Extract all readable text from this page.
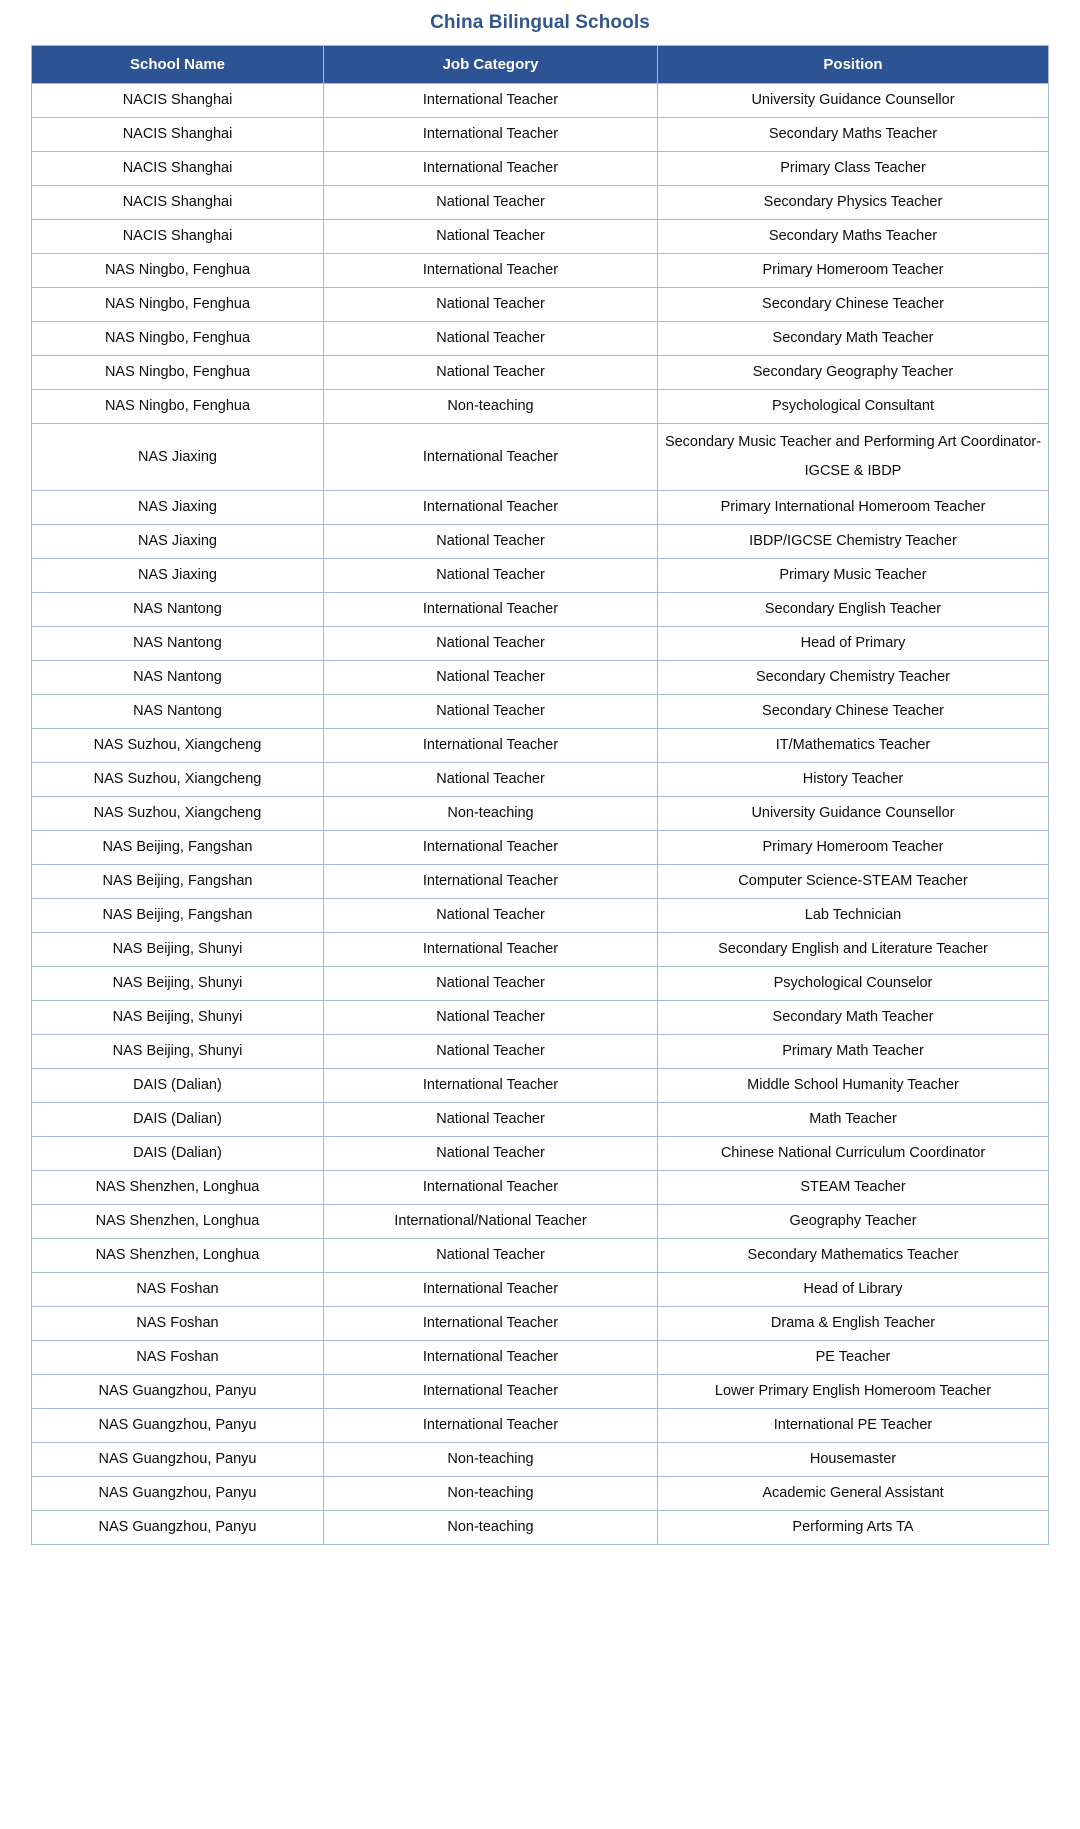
China Bilingual Schools
School Name	Job Category	Position
NACIS Shanghai	International Teacher	University Guidance Counsellor
NACIS Shanghai	International Teacher	Secondary Maths Teacher
NACIS Shanghai	International Teacher	Primary Class Teacher
NACIS Shanghai	National Teacher	Secondary Physics Teacher
NACIS Shanghai	National Teacher	Secondary Maths Teacher
NAS Ningbo, Fenghua	International Teacher	Primary Homeroom Teacher
NAS Ningbo, Fenghua	National Teacher	Secondary Chinese Teacher
NAS Ningbo, Fenghua	National Teacher	Secondary Math Teacher
NAS Ningbo, Fenghua	National Teacher	Secondary Geography Teacher
NAS Ningbo, Fenghua	Non-teaching	Psychological Consultant
NAS Jiaxing	International Teacher	Secondary Music Teacher and Performing Art Coordinator- IGCSE & IBDP
NAS Jiaxing	International Teacher	Primary International Homeroom Teacher
NAS Jiaxing	National Teacher	IBDP/IGCSE Chemistry Teacher
NAS Jiaxing	National Teacher	Primary Music Teacher
NAS Nantong	International Teacher	Secondary English Teacher
NAS Nantong	National Teacher	Head of Primary
NAS Nantong	National Teacher	Secondary Chemistry Teacher
NAS Nantong	National Teacher	Secondary Chinese Teacher
NAS Suzhou, Xiangcheng	International Teacher	IT/Mathematics Teacher
NAS Suzhou, Xiangcheng	National Teacher	History Teacher
NAS Suzhou, Xiangcheng	Non-teaching	University Guidance Counsellor
NAS Beijing, Fangshan	International Teacher	Primary Homeroom Teacher
NAS Beijing, Fangshan	International Teacher	Computer Science-STEAM Teacher
NAS Beijing, Fangshan	National Teacher	Lab Technician
NAS Beijing, Shunyi	International Teacher	Secondary English and Literature Teacher
NAS Beijing, Shunyi	National Teacher	Psychological Counselor
NAS Beijing, Shunyi	National Teacher	Secondary Math Teacher
NAS Beijing, Shunyi	National Teacher	Primary Math Teacher
DAIS (Dalian)	International Teacher	Middle School Humanity Teacher
DAIS (Dalian)	National Teacher	Math Teacher
DAIS (Dalian)	National Teacher	Chinese National Curriculum Coordinator
NAS Shenzhen, Longhua	International Teacher	STEAM Teacher
NAS Shenzhen, Longhua	International/National Teacher	Geography Teacher
NAS Shenzhen, Longhua	National Teacher	Secondary Mathematics Teacher
NAS Foshan	International Teacher	Head of Library
NAS Foshan	International Teacher	Drama & English Teacher
NAS Foshan	International Teacher	PE Teacher
NAS Guangzhou, Panyu	International Teacher	Lower Primary English Homeroom Teacher
NAS Guangzhou, Panyu	International Teacher	International PE Teacher
NAS Guangzhou, Panyu	Non-teaching	Housemaster
NAS Guangzhou, Panyu	Non-teaching	Academic General Assistant
NAS Guangzhou, Panyu	Non-teaching	Performing Arts TA
